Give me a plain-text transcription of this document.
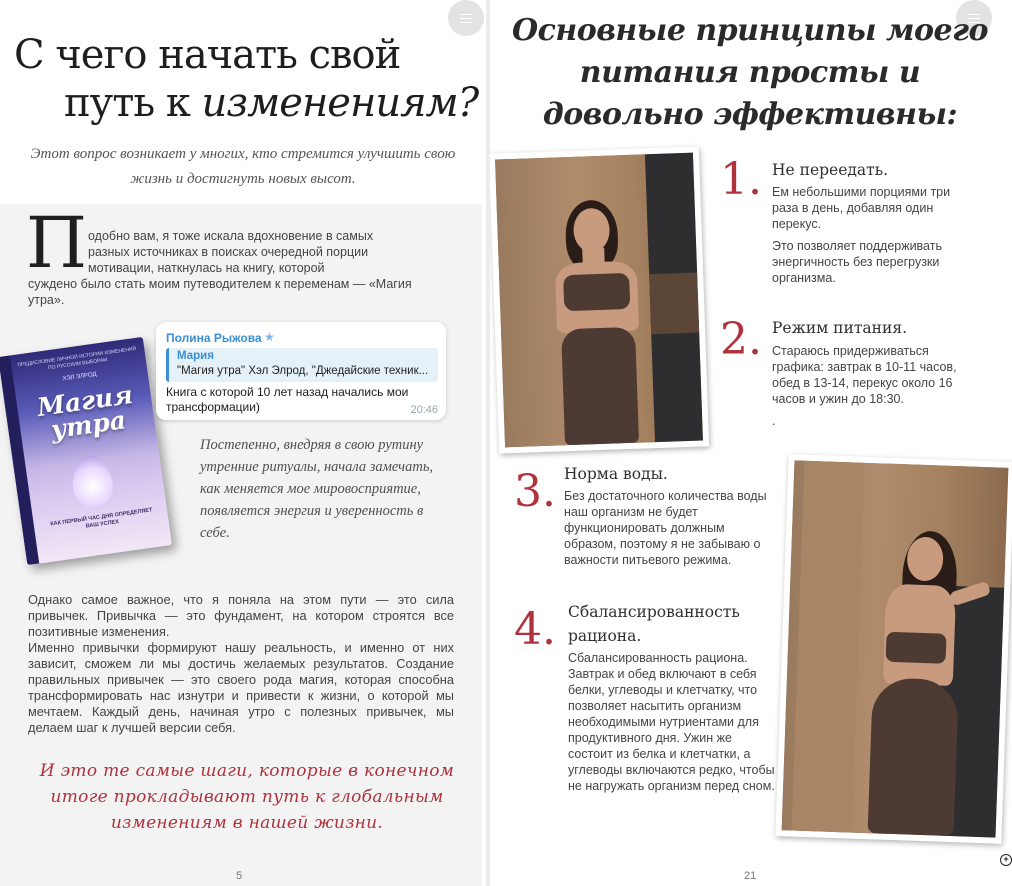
С чего начать свой
путь к изменениям?
Этот вопрос возникает у многих, кто стремится улучшить свою жизнь и достигнуть новых высот.
П одобно вам, я тоже искала вдохновение в самых разных источниках в поисках очередной порции мотивации, наткнулась на книгу, которой
суждено было стать моим путеводителем к переменам — «Магия утра».
ПРЕДИСЛОВИЕ ЛИЧНОЙ ИСТОРИИ ИЗМЕНЕНИЙ ПО РУССКИМ ВЫБОРАМ
ХЭЛ ЭЛРОД
Магия утра
КАК ПЕРВЫЙ ЧАС ДНЯ ОПРЕДЕЛЯЕТ ВАШ УСПЕХ
Полина Рыжова ★
Мария
"Магия утра" Хэл Элрод, "Джедайские техник...
Книга с которой 10 лет назад начались мои трансформации)	20:46
Постепенно, внедряя в свою рутину утренние ритуалы, начала замечать, как меняется мое мировосприятие, появляется энергия и уверенность в себе.

Однако самое важное, что я поняла на этом пути — это сила привычек. Привычка — это фундамент, на котором строятся все позитивные изменения.

Именно привычки формируют нашу реальность, и именно от них зависит, сможем ли мы достичь желаемых результатов. Создание правильных привычек — это своего рода магия, которая способна трансформировать нас изнутри и привести к жизни, о которой мы мечтаем. Каждый день, начиная утро с полезных привычек, мы делаем шаг к лучшей версии себя.

И это те самые шаги, которые в конечном итоге прокладывают путь к глобальным изменениям в нашей жизни.
5
Основные принципы моего питания просты и довольно эффективны:
1. Не переедать.

Ем небольшими порциями три раза в день, добавляя один перекус.

Это позволяет поддерживать энергичность без перегрузки организма.

2. Режим питания.

Стараюсь придерживаться графика: завтрак в 10-11 часов, обед в 13-14, перекус около 16 часов и ужин до 18:30.

.

3. Норма воды.

Без достаточного количества воды наш организм не будет функционировать должным образом, поэтому я не забываю о важности питьевого режима.

4. Сбалансированность рациона.

Сбалансированность рациона. Завтрак и обед включают в себя белки, углеводы и клетчатку, что позволяет насытить организм необходимыми нутриентами для продуктивного дня. Ужин же состоит из белка и клетчатки, а углеводы включаются редко, чтобы не нагружать организм перед сном.

21
+
